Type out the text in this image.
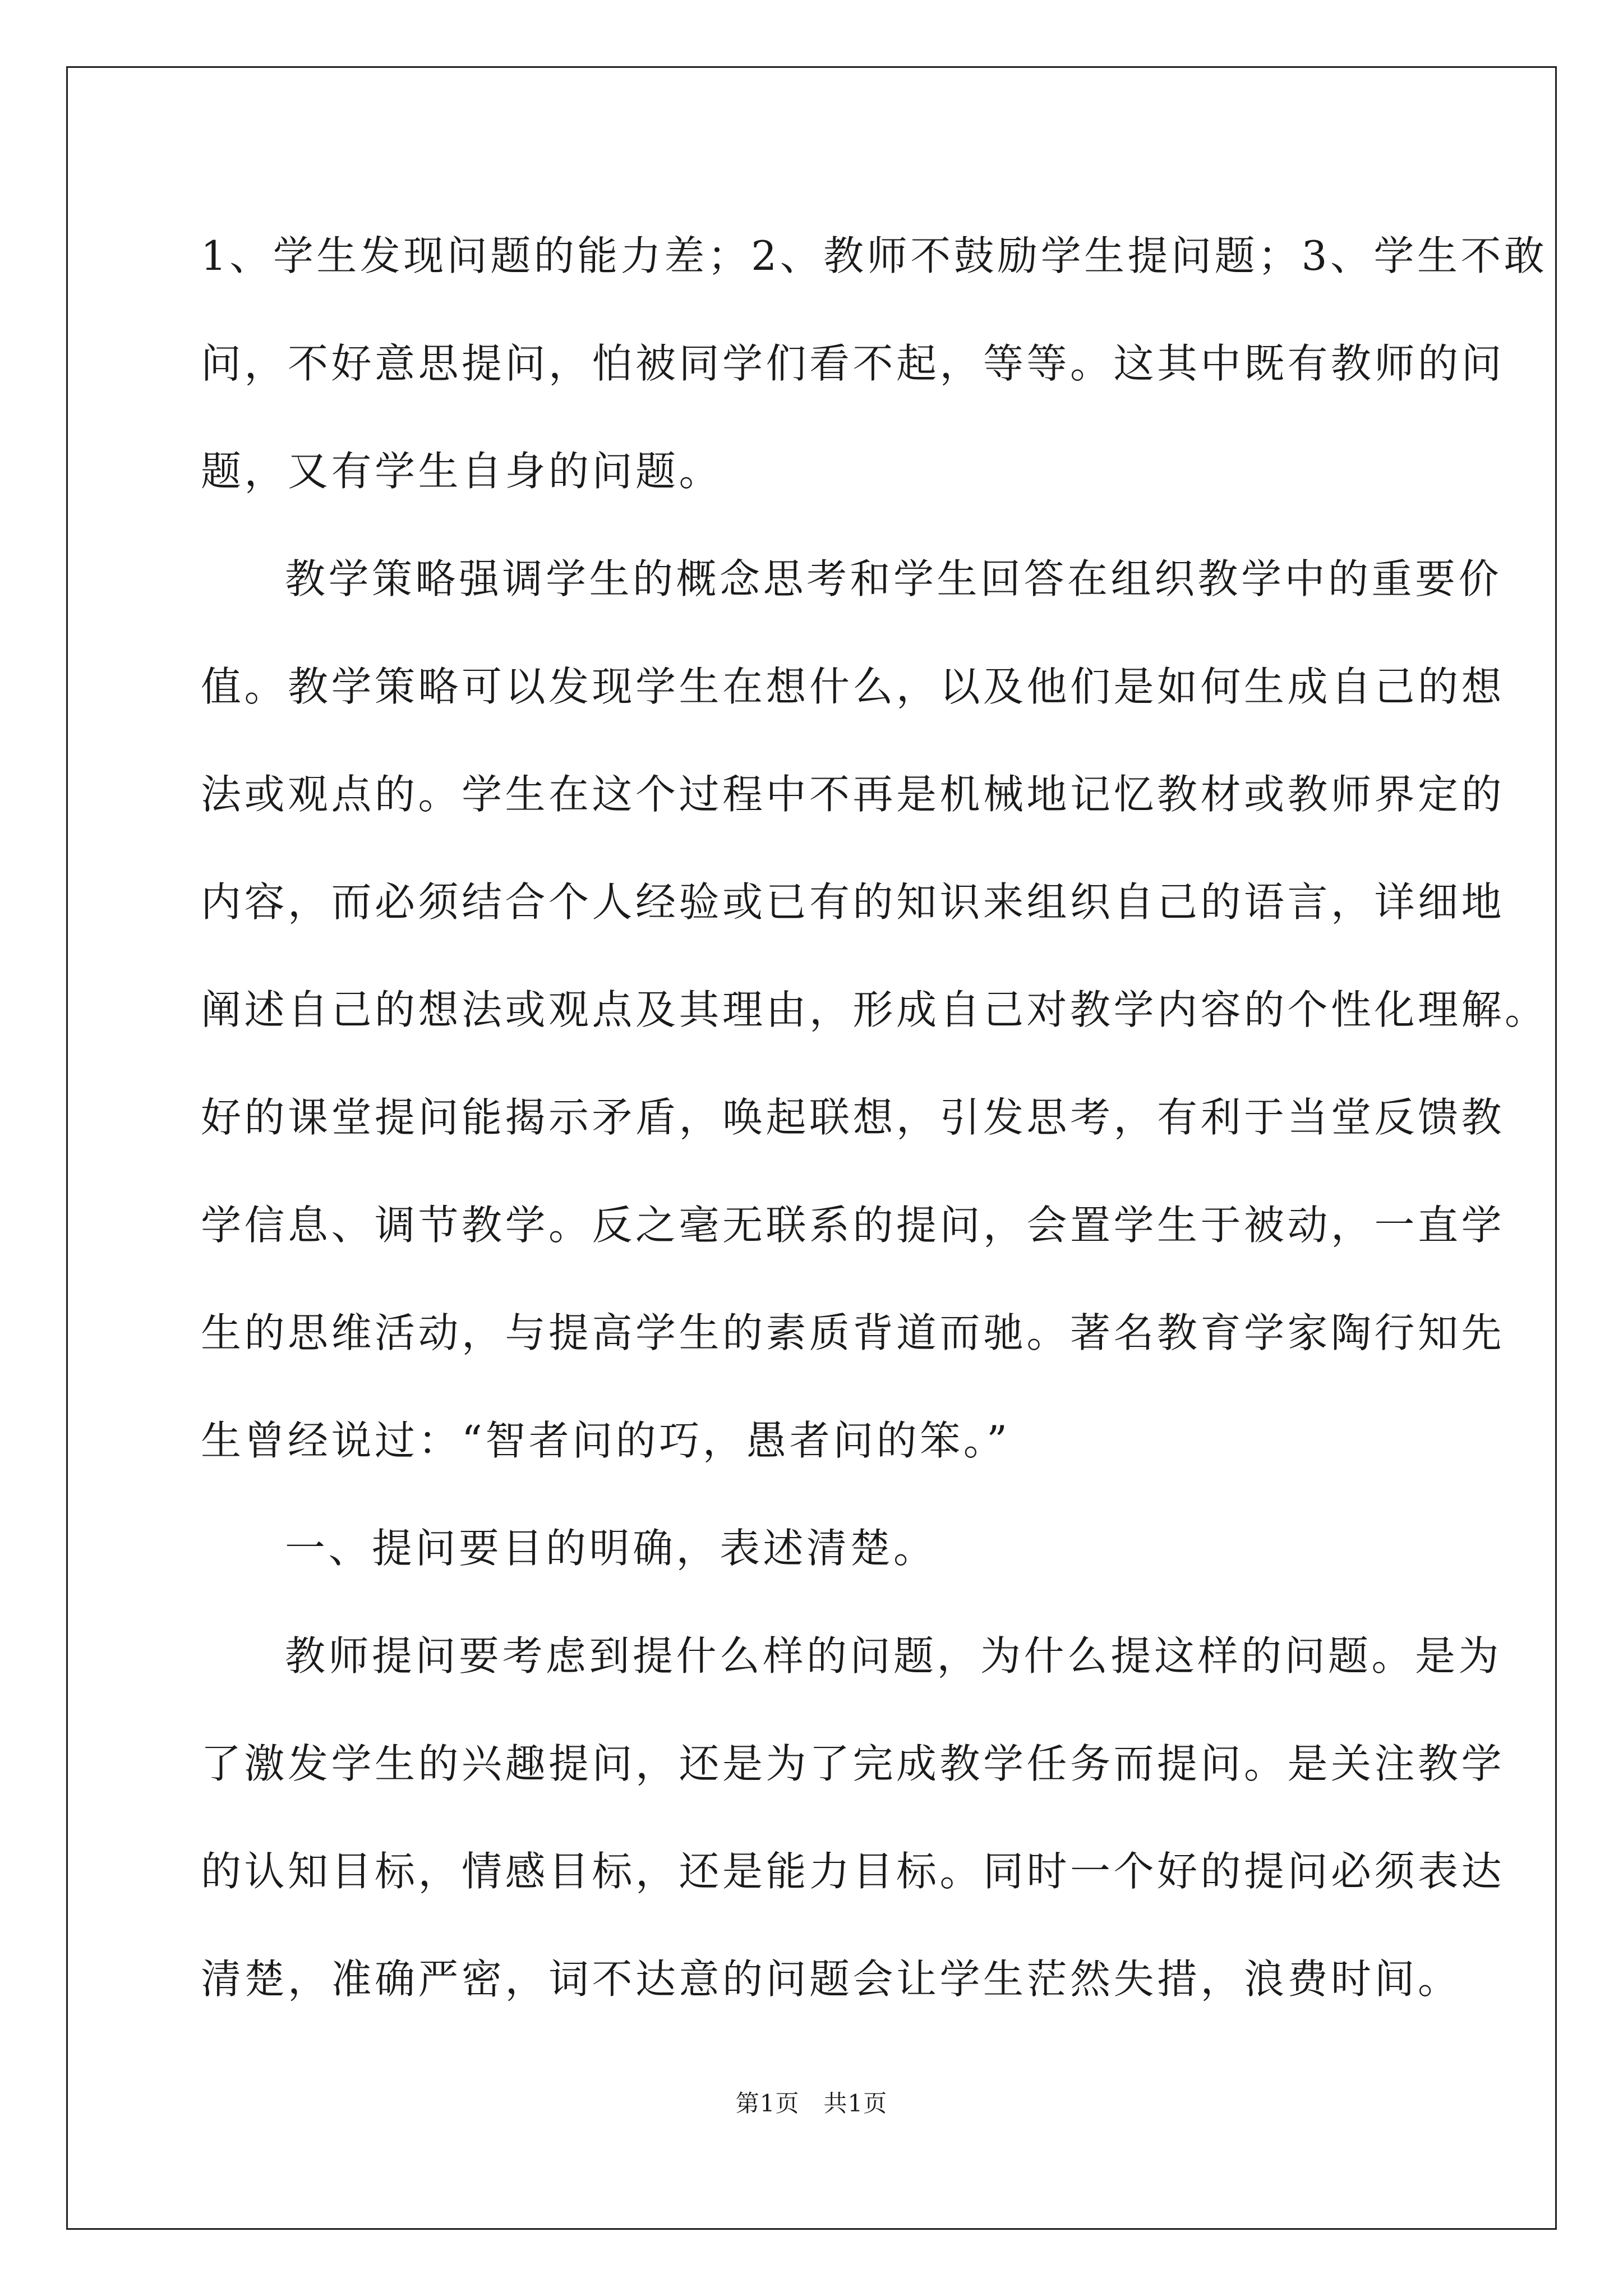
1、学生发现问题的能力差；2、教师不鼓励学生提问题；3、学生不敢
问，不好意思提问，怕被同学们看不起，等等。这其中既有教师的问
题，又有学生自身的问题。
教学策略强调学生的概念思考和学生回答在组织教学中的重要价
值。教学策略可以发现学生在想什么，以及他们是如何生成自己的想
法或观点的。学生在这个过程中不再是机械地记忆教材或教师界定的
内容，而必须结合个人经验或已有的知识来组织自己的语言，详细地
阐述自己的想法或观点及其理由，形成自己对教学内容的个性化理解。
好的课堂提问能揭示矛盾，唤起联想，引发思考，有利于当堂反馈教
学信息、调节教学。反之毫无联系的提问，会置学生于被动，一直学
生的思维活动，与提高学生的素质背道而驰。著名教育学家陶行知先
生曾经说过：“智者问的巧，愚者问的笨。”
一、提问要目的明确，表述清楚。
教师提问要考虑到提什么样的问题，为什么提这样的问题。是为
了激发学生的兴趣提问，还是为了完成教学任务而提问。是关注教学
的认知目标，情感目标，还是能力目标。同时一个好的提问必须表达
清楚，准确严密，词不达意的问题会让学生茫然失措，浪费时间。
第1页　共1页
